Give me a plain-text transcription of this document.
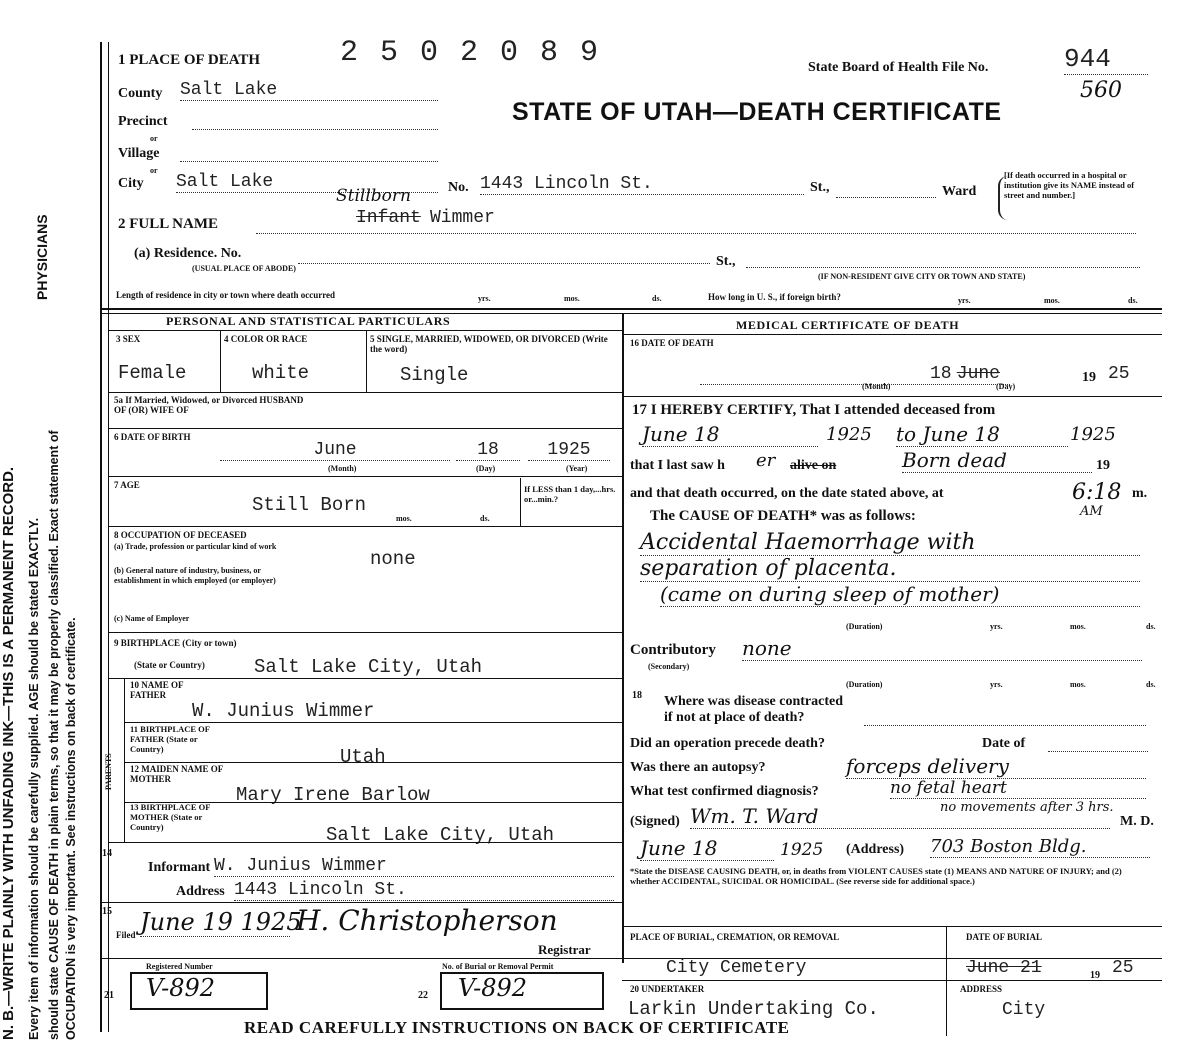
N. B.—WRITE PLAINLY WITH UNFADING INK—THIS IS A PERMANENT RECORD.
PHYSICIANS
Every item of information should be carefully supplied. AGE should be stated EXACTLY. should state CAUSE OF DEATH in plain terms, so that it may be properly classified. Exact statement of OCCUPATION is very important. See instructions on back of certificate.
1 PLACE OF DEATH	2 5 0 2 0 8 9	State Board of Health File No.	944
560
STATE OF UTAH—DEATH CERTIFICATE
County Salt Lake
Precinct
or
Village
or
City Salt Lake	No. 1443 Lincoln St.	St.,	Ward
[If death occurred in a hospital or institution give its NAME instead of street and number.]
2 FULL NAME	Infant
Stillborn
Wimmer
(a) Residence. No.
(USUAL PLACE OF ABODE)	St.,
(IF NON-RESIDENT GIVE CITY OR TOWN AND STATE)
Length of residence in city or town where death occurred	yrs.	mos.	ds.	How long in U. S., if foreign birth?	yrs.	mos.	ds.
PERSONAL AND STATISTICAL PARTICULARS
3 SEX
Female
4 COLOR OR RACE
white
5 SINGLE, MARRIED, WIDOWED, OR DIVORCED (Write the word)
Single
5a If Married, Widowed, or Divorced HUSBAND OF (OR) WIFE OF
6 DATE OF BIRTH
June	18	1925
(Month)	(Day)	(Year)
7 AGE
Still Born
mos.	ds.
If LESS than 1 day,...hrs. or...min.?
8 OCCUPATION OF DECEASED
(a) Trade, profession or particular kind of work
(b) General nature of industry, business, or establishment in which employed (or employer)
(c) Name of Employer
none
9 BIRTHPLACE (City or town)
(State or Country)	Salt Lake City, Utah
PARENTS
10 NAME OF FATHER
W. Junius Wimmer
11 BIRTHPLACE OF FATHER (State or Country)	Utah
12 MAIDEN NAME OF MOTHER
Mary Irene Barlow
13 BIRTHPLACE OF MOTHER (State or Country)	Salt Lake City, Utah
14
Informant W. Junius Wimmer
Address 1443 Lincoln St.
15
Filed June 19 1925
H. Christopherson
Registrar
Registered Number
21 V-892
No. of Burial or Removal Permit
22 V-892
MEDICAL CERTIFICATE OF DEATH
16 DATE OF DEATH
June
18
(Month)	(Day)
19 25
17 I HEREBY CERTIFY, That I attended deceased from
June 18	1925 to June 18	1925
that I last saw h er alive on	Born dead	19
and that death occurred, on the date stated above, at	6:18
AM
m.
The CAUSE OF DEATH* was as follows:
Accidental Haemorrhage with
separation of placenta.
(came on during sleep of mother)
(Duration)	yrs.	mos.	ds.
Contributory none
(Secondary)
(Duration)	yrs.	mos.	ds.
18 Where was disease contracted
if not at place of death?
Did an operation precede death?	Date of
Was there an autopsy?	forceps delivery
What test confirmed diagnosis?	no fetal heart
(Signed) Wm. T. Ward	no movements after 3 hrs.
M. D.
June 18	1925 (Address) 703 Boston Bldg.
*State the DISEASE CAUSING DEATH, or, in deaths from VIOLENT CAUSES state (1) MEANS AND NATURE OF INJURY; and (2) whether ACCIDENTAL, SUICIDAL OR HOMICIDAL. (See reverse side for additional space.)
PLACE OF BURIAL, CREMATION, OR REMOVAL
City Cemetery
DATE OF BURIAL
June 21	19 25
20 UNDERTAKER
Larkin Undertaking Co.
ADDRESS
City
READ CAREFULLY INSTRUCTIONS ON BACK OF CERTIFICATE
